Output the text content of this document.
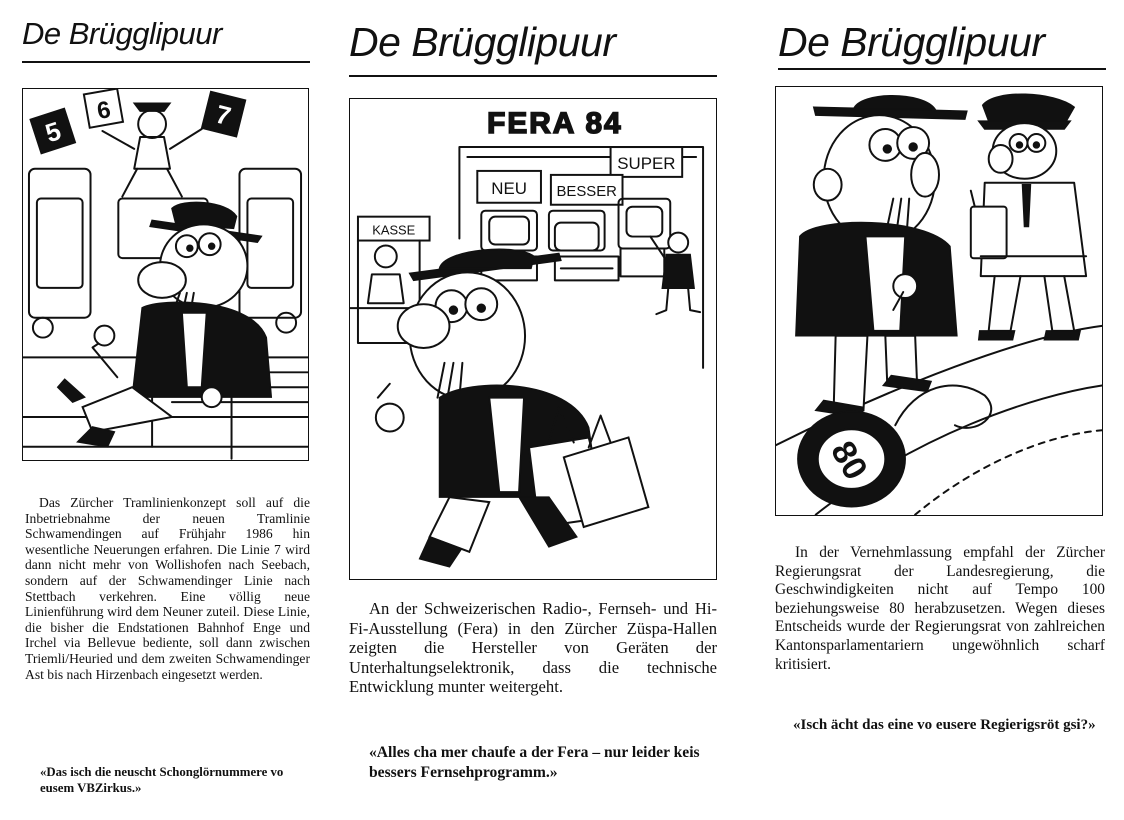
De Brügglipuur
5
6	7

Das Zürcher Tramlinienkonzept soll auf die Inbetriebnahme der neuen Tramlinie Schwamendingen auf Frühjahr 1986 hin wesentliche Neuerungen erfahren. Die Linie 7 wird dann nicht mehr von Wollishofen nach Seebach, sondern auf der Schwamendinger Linie nach Stettbach verkehren. Eine völlig neue Linienführung wird dem Neuner zuteil. Diese Linie, die bisher die Endstationen Bahnhof Enge und Irchel via Bellevue bediente, soll dann zwischen Triemli/Heuried und dem zweiten Schwamendinger Ast bis nach Hirzenbach eingesetzt werden.

«Das isch die neuscht Schonglörnummere vo eusem VBZirkus.»

De Brügglipuur
FERA 84
SUPER
NEU BESSER
KASSE

An der Schweizerischen Radio-, Fernseh- und Hi-Fi-Ausstellung (Fera) in den Zürcher Züspa-Hallen zeigten die Hersteller von Geräten der Unterhaltungselektronik, dass die technische Entwicklung munter weitergeht.

«Alles cha mer chaufe a der Fera – nur leider keis bessers Fernsehprogramm.»

De Brügglipuur
80

In der Vernehmlassung empfahl der Zürcher Regierungsrat der Landesregierung, die Geschwindigkeiten nicht auf Tempo 100 beziehungsweise 80 herabzusetzen. Wegen dieses Entscheids wurde der Regierungsrat von zahlreichen Kantonsparlamentariern ungewöhnlich scharf kritisiert.

«Isch ächt das eine vo eusere Regierigsröt gsi?»
